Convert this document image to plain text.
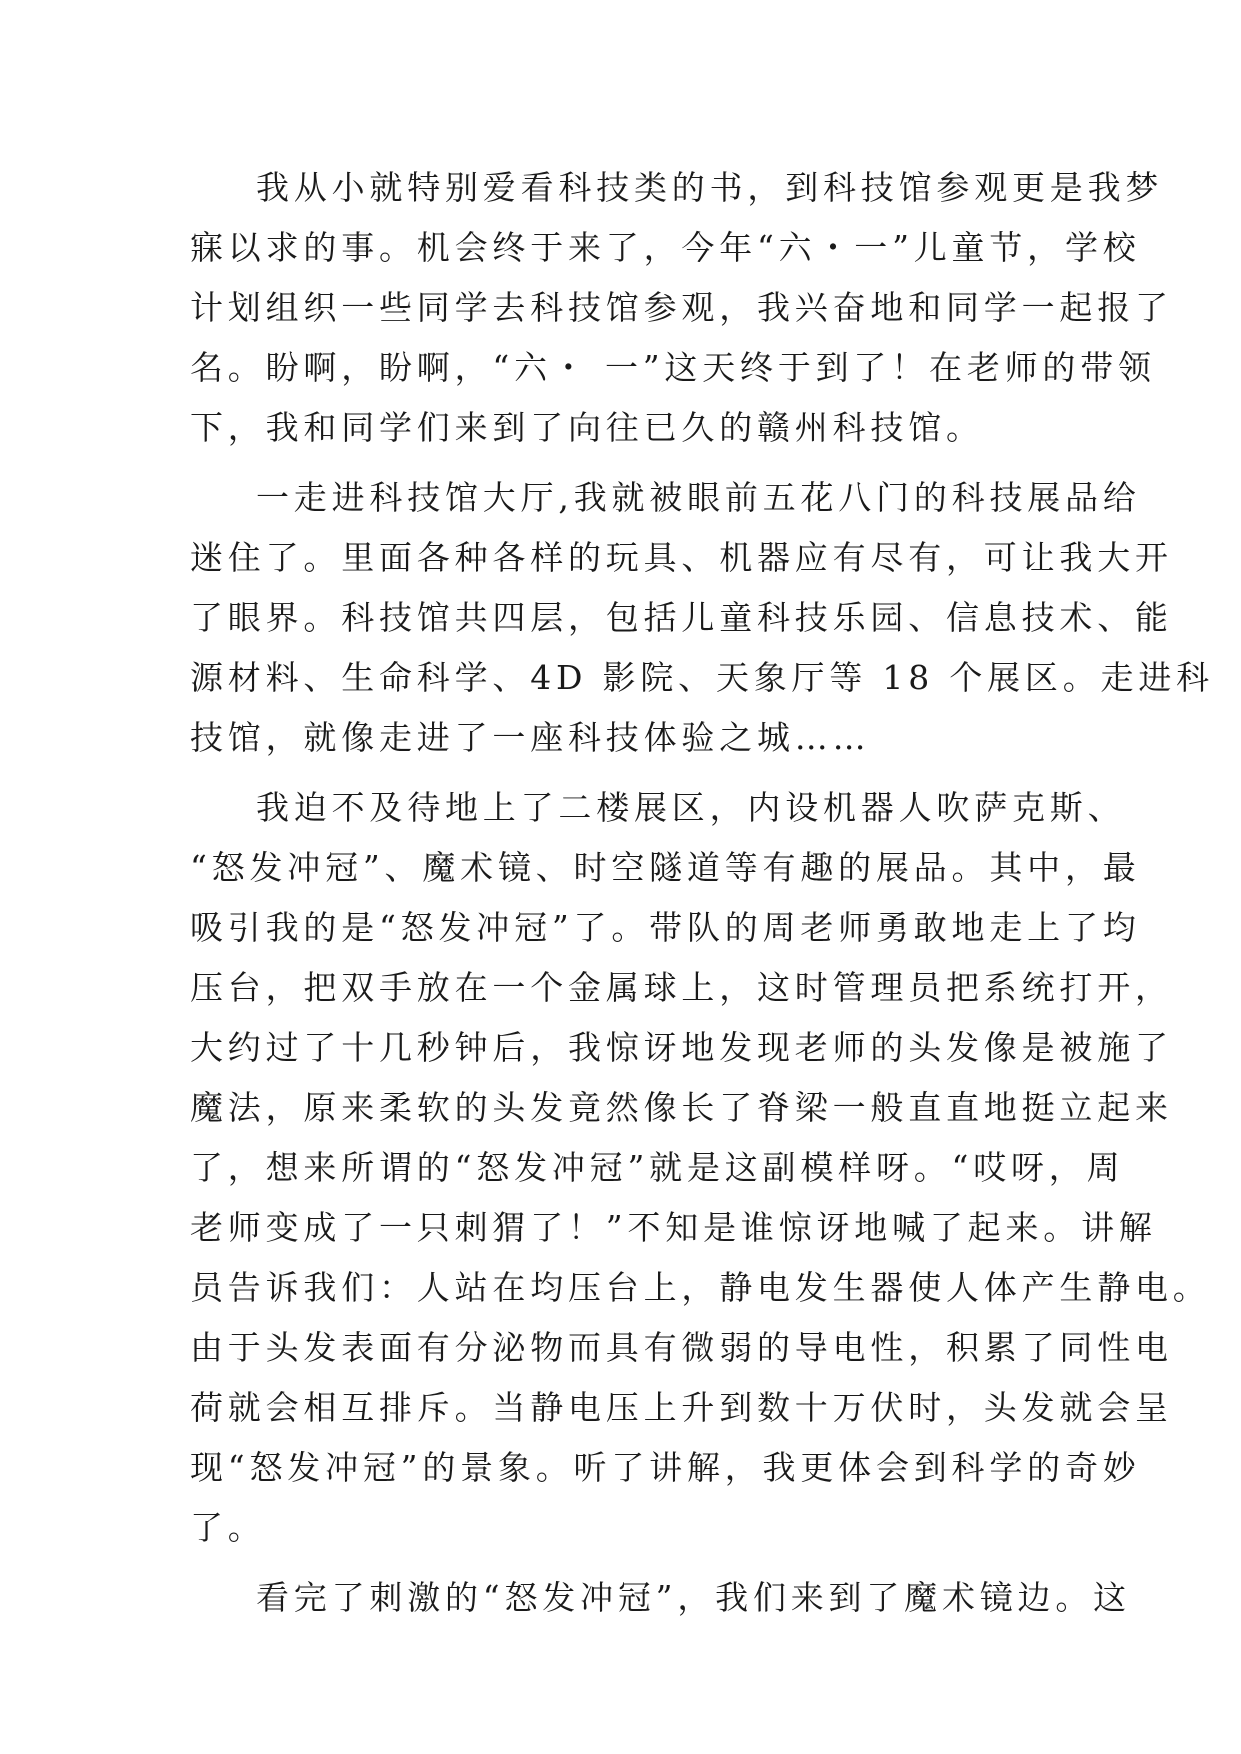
我从小就特别爱看科技类的书，到科技馆参观更是我梦
寐以求的事。机会终于来了，今年“六・一”儿童节，学校
计划组织一些同学去科技馆参观，我兴奋地和同学一起报了
名。盼啊，盼啊，“六・ 一”这天终于到了！在老师的带领
下，我和同学们来到了向往已久的赣州科技馆。

一走进科技馆大厅,我就被眼前五花八门的科技展品给
迷住了。里面各种各样的玩具、机器应有尽有，可让我大开
了眼界。科技馆共四层，包括儿童科技乐园、信息技术、能
源材料、生命科学、4D 影院、天象厅等 18 个展区。走进科
技馆，就像走进了一座科技体验之城……

我迫不及待地上了二楼展区，内设机器人吹萨克斯、
“怒发冲冠”、魔术镜、时空隧道等有趣的展品。其中，最
吸引我的是“怒发冲冠”了。带队的周老师勇敢地走上了均
压台，把双手放在一个金属球上，这时管理员把系统打开，
大约过了十几秒钟后，我惊讶地发现老师的头发像是被施了
魔法，原来柔软的头发竟然像长了脊梁一般直直地挺立起来
了，想来所谓的“怒发冲冠”就是这副模样呀。“哎呀，周
老师变成了一只刺猬了！”不知是谁惊讶地喊了起来。讲解
员告诉我们：人站在均压台上，静电发生器使人体产生静电。
由于头发表面有分泌物而具有微弱的导电性，积累了同性电
荷就会相互排斥。当静电压上升到数十万伏时，头发就会呈
现“怒发冲冠”的景象。听了讲解，我更体会到科学的奇妙
了。

看完了刺激的“怒发冲冠”，我们来到了魔术镜边。这
